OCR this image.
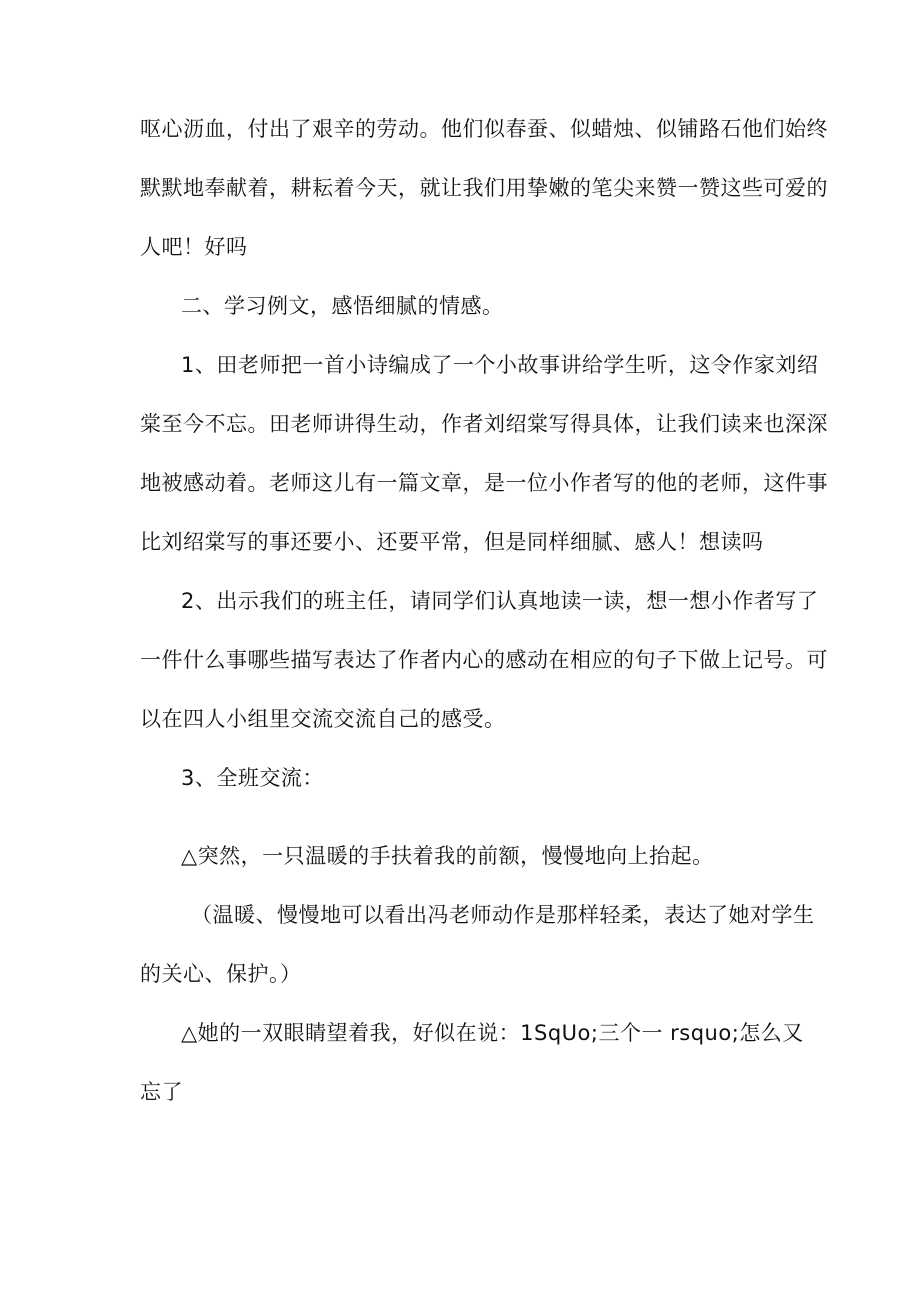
呕心沥血，付出了艰辛的劳动。他们似春蚕、似蜡烛、似铺路石他们始终
默默地奉献着，耕耘着今天，就让我们用挚嫩的笔尖来赞一赞这些可爱的
人吧！好吗
二、学习例文，感悟细腻的情感。
1、田老师把一首小诗编成了一个小故事讲给学生听，这令作家刘绍
棠至今不忘。田老师讲得生动，作者刘绍棠写得具体，让我们读来也深深
地被感动着。老师这儿有一篇文章，是一位小作者写的他的老师，这件事
比刘绍棠写的事还要小、还要平常，但是同样细腻、感人！想读吗
2、出示我们的班主任，请同学们认真地读一读，想一想小作者写了
一件什么事哪些描写表达了作者内心的感动在相应的句子下做上记号。可
以在四人小组里交流交流自己的感受。
3、全班交流：
△突然，一只温暖的手扶着我的前额，慢慢地向上抬起。
（温暖、慢慢地可以看出冯老师动作是那样轻柔，表达了她对学生
的关心、保护。）
△她的一双眼睛望着我，好似在说：1SqUo;三个一 rsquo;怎么又
忘了
